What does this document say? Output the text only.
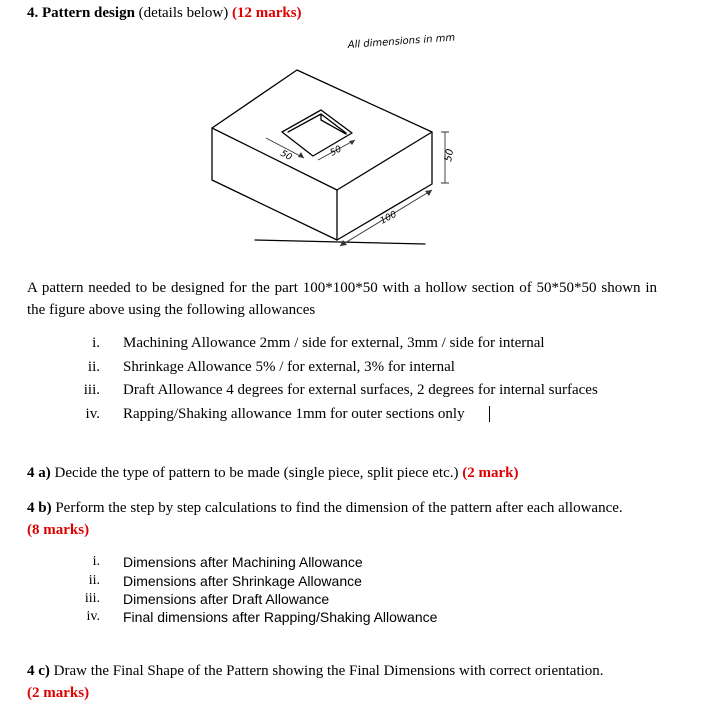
4. Pattern design (details below) (12 marks)
All dimensions in mm
50
100
50	50
A pattern needed to be designed for the part 100*100*50 with a hollow section of 50*50*50 shown in the figure above using the following allowances
i. Machining Allowance 2mm / side for external, 3mm / side for internal
ii. Shrinkage Allowance 5% / for external, 3% for internal
iii. Draft Allowance 4 degrees for external surfaces, 2 degrees for internal surfaces
iv. Rapping/Shaking allowance 1mm for outer sections only
4 a) Decide the type of pattern to be made (single piece, split piece etc.) (2 mark)
4 b) Perform the step by step calculations to find the dimension of the pattern after each allowance. (8 marks)
i. Dimensions after Machining Allowance
ii. Dimensions after Shrinkage Allowance
iii. Dimensions after Draft Allowance
iv. Final dimensions after Rapping/Shaking Allowance
4 c) Draw the Final Shape of the Pattern showing the Final Dimensions with correct orientation.
(2 marks)
